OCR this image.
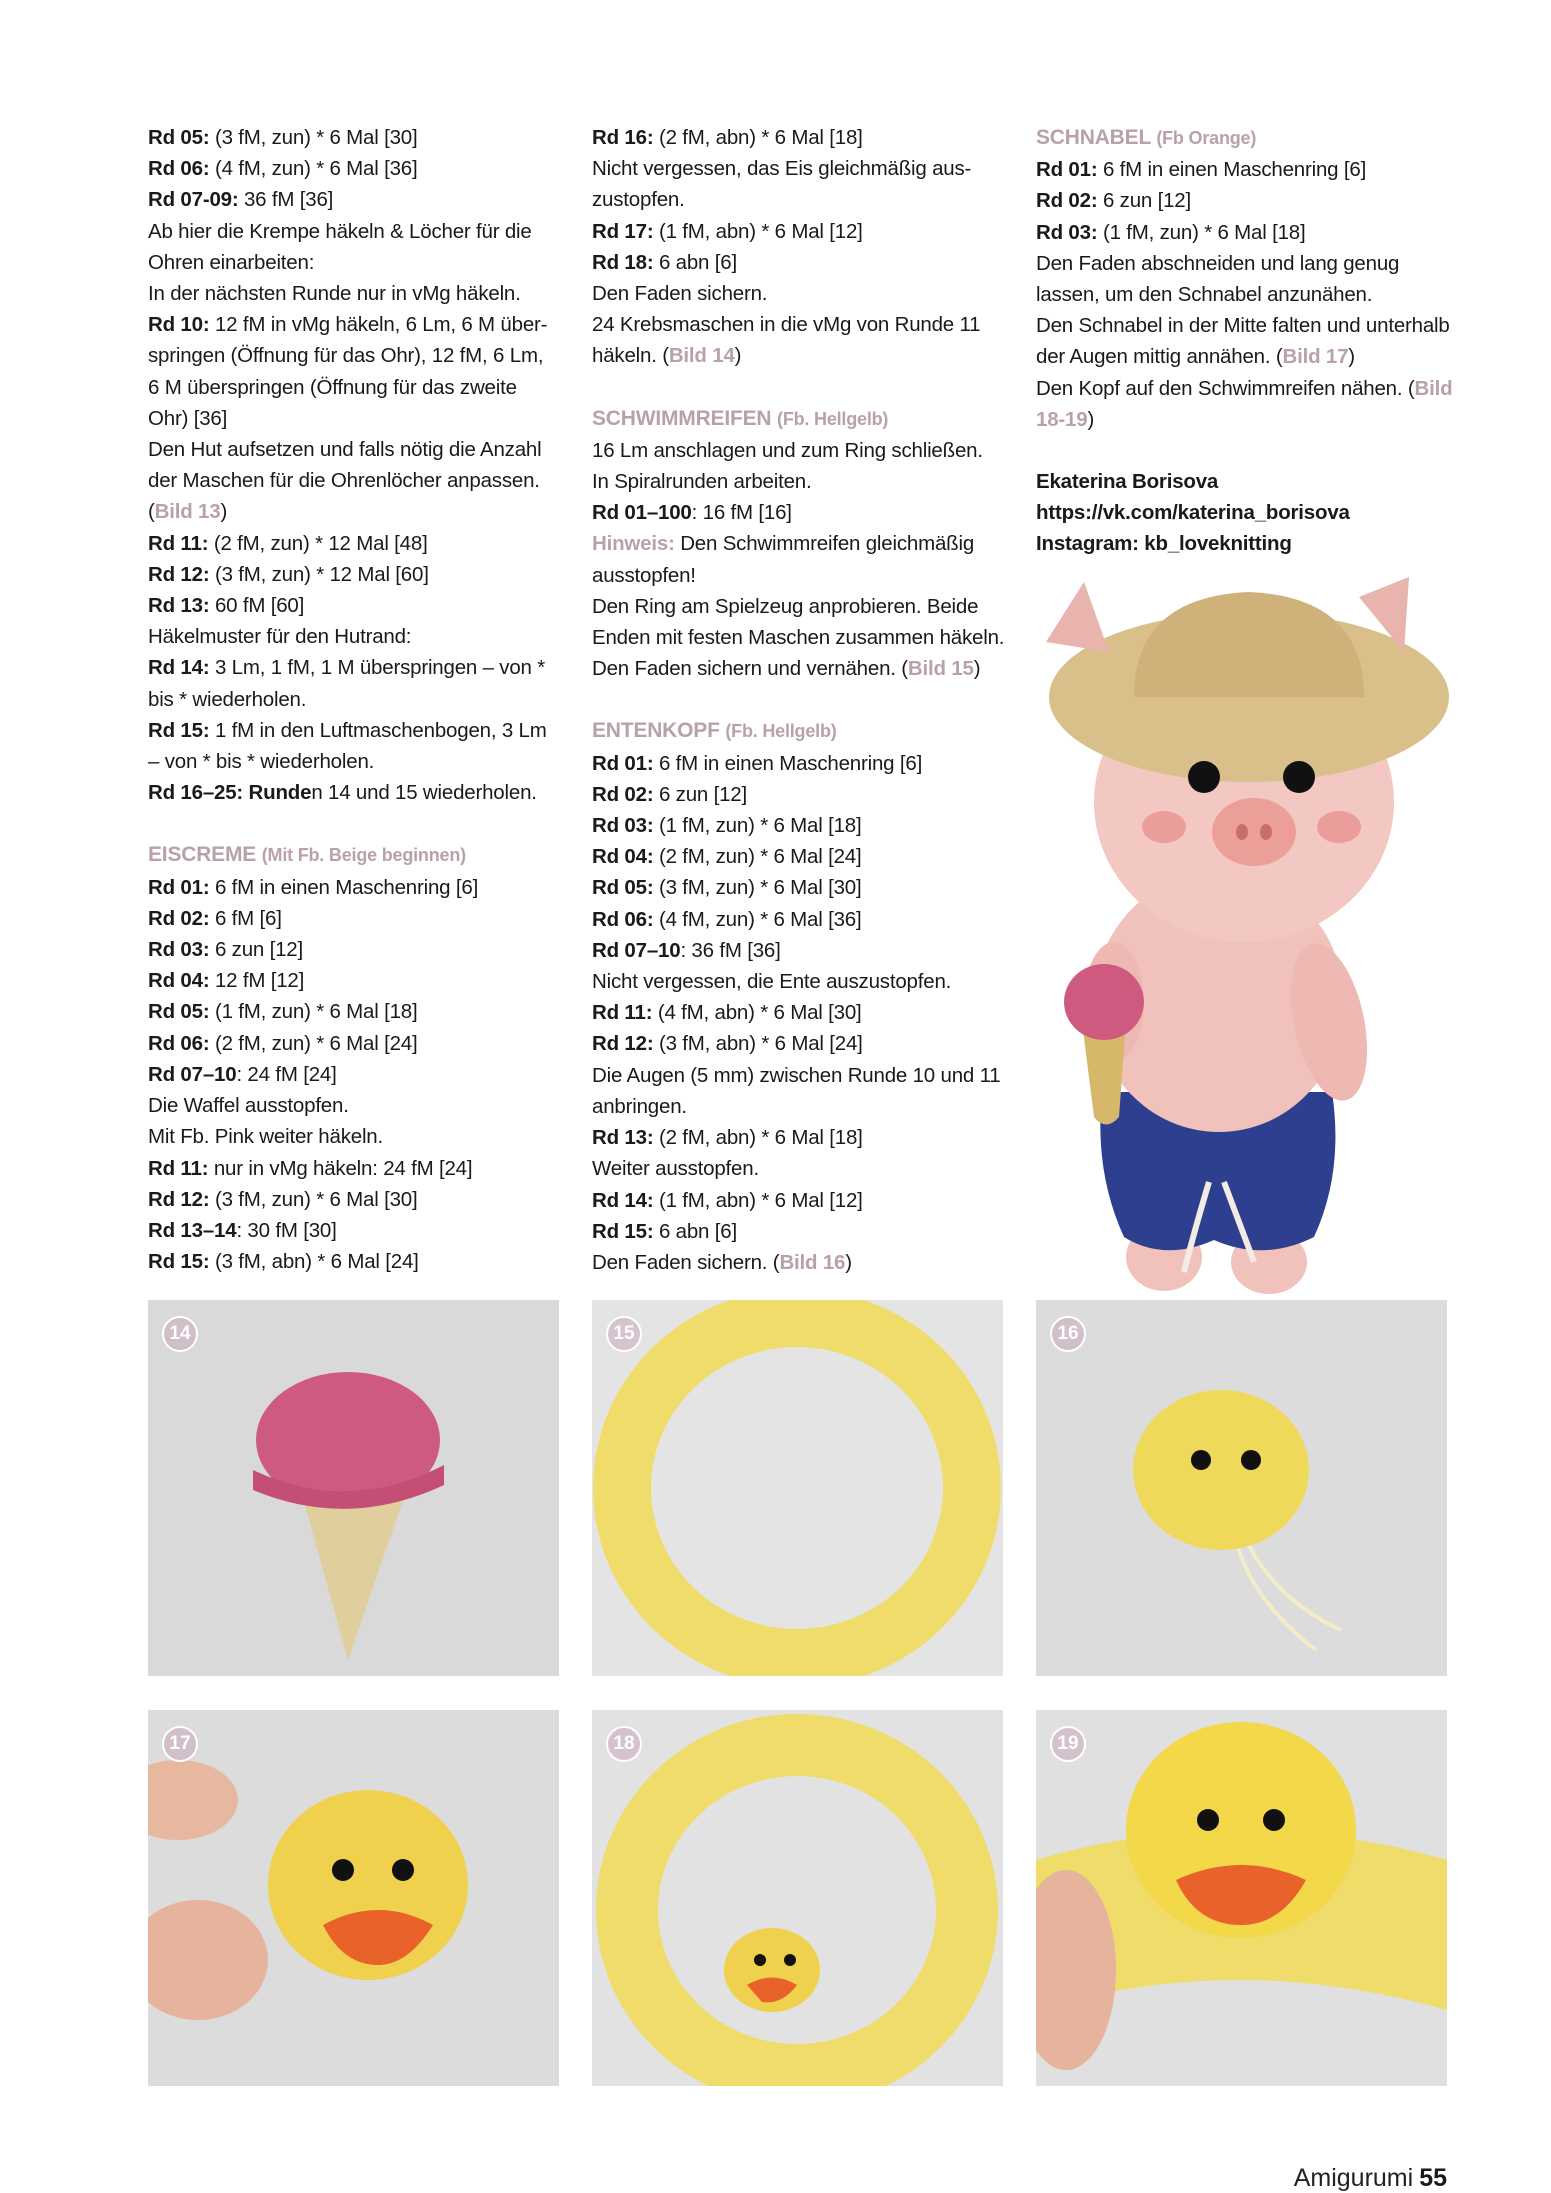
Rd 05: (3 fM, zun) * 6 Mal [30]
Rd 06: (4 fM, zun) * 6 Mal [36]
Rd 07-09: 36 fM [36]
Ab hier die Krempe häkeln & Löcher für die
Ohren einarbeiten:
In der nächsten Runde nur in vMg häkeln.
Rd 10: 12 fM in vMg häkeln, 6 Lm, 6 M über-
springen (Öffnung für das Ohr), 12 fM, 6 Lm,
6 M überspringen (Öffnung für das zweite
Ohr) [36]
Den Hut aufsetzen und falls nötig die Anzahl
der Maschen für die Ohrenlöcher anpassen.
(Bild 13)
Rd 11: (2 fM, zun) * 12 Mal [48]
Rd 12: (3 fM, zun) * 12 Mal [60]
Rd 13: 60 fM [60]
Häkelmuster für den Hutrand:
Rd 14: 3 Lm, 1 fM, 1 M überspringen – von *
bis * wiederholen.
Rd 15: 1 fM in den Luftmaschenbogen, 3 Lm
– von * bis * wiederholen.
Rd 16–25: Runden 14 und 15 wiederholen.
EISCREME (Mit Fb. Beige beginnen)
Rd 01: 6 fM in einen Maschenring [6]
Rd 02: 6 fM [6]
Rd 03: 6 zun [12]
Rd 04: 12 fM [12]
Rd 05: (1 fM, zun) * 6 Mal [18]
Rd 06: (2 fM, zun) * 6 Mal [24]
Rd 07–10: 24 fM [24]
Die Waffel ausstopfen.
Mit Fb. Pink weiter häkeln.
Rd 11: nur in vMg häkeln: 24 fM [24]
Rd 12: (3 fM, zun) * 6 Mal [30]
Rd 13–14: 30 fM [30]
Rd 15: (3 fM, abn) * 6 Mal [24]
Rd 16: (2 fM, abn) * 6 Mal [18]
Nicht vergessen, das Eis gleichmäßig aus-
zustopfen.
Rd 17: (1 fM, abn) * 6 Mal [12]
Rd 18: 6 abn [6]
Den Faden sichern.
24 Krebsmaschen in die vMg von Runde 11
häkeln. (Bild 14)
SCHWIMMREIFEN (Fb. Hellgelb)
16 Lm anschlagen und zum Ring schließen.
In Spiralrunden arbeiten.
Rd 01–100: 16 fM [16]
Hinweis: Den Schwimmreifen gleichmäßig
ausstopfen!
Den Ring am Spielzeug anprobieren. Beide
Enden mit festen Maschen zusammen häkeln.
Den Faden sichern und vernähen. (Bild 15)
ENTENKOPF (Fb. Hellgelb)
Rd 01: 6 fM in einen Maschenring [6]
Rd 02: 6 zun [12]
Rd 03: (1 fM, zun) * 6 Mal [18]
Rd 04: (2 fM, zun) * 6 Mal [24]
Rd 05: (3 fM, zun) * 6 Mal [30]
Rd 06: (4 fM, zun) * 6 Mal [36]
Rd 07–10: 36 fM [36]
Nicht vergessen, die Ente auszustopfen.
Rd 11: (4 fM, abn) * 6 Mal [30]
Rd 12: (3 fM, abn) * 6 Mal [24]
Die Augen (5 mm) zwischen Runde 10 und 11
anbringen.
Rd 13: (2 fM, abn) * 6 Mal [18]
Weiter ausstopfen.
Rd 14: (1 fM, abn) * 6 Mal [12]
Rd 15: 6 abn [6]
Den Faden sichern. (Bild 16)
SCHNABEL (Fb Orange)
Rd 01: 6 fM in einen Maschenring [6]
Rd 02: 6 zun [12]
Rd 03: (1 fM, zun) * 6 Mal [18]
Den Faden abschneiden und lang genug
lassen, um den Schnabel anzunähen.
Den Schnabel in der Mitte falten und unterhalb
der Augen mittig annähen. (Bild 17)
Den Kopf auf den Schwimmreifen nähen. (Bild
18-19)
Ekaterina Borisova
https://vk.com/katerina_borisova
Instagram: kb_loveknitting
14	15	16
17	18	19
Amigurumi 55
